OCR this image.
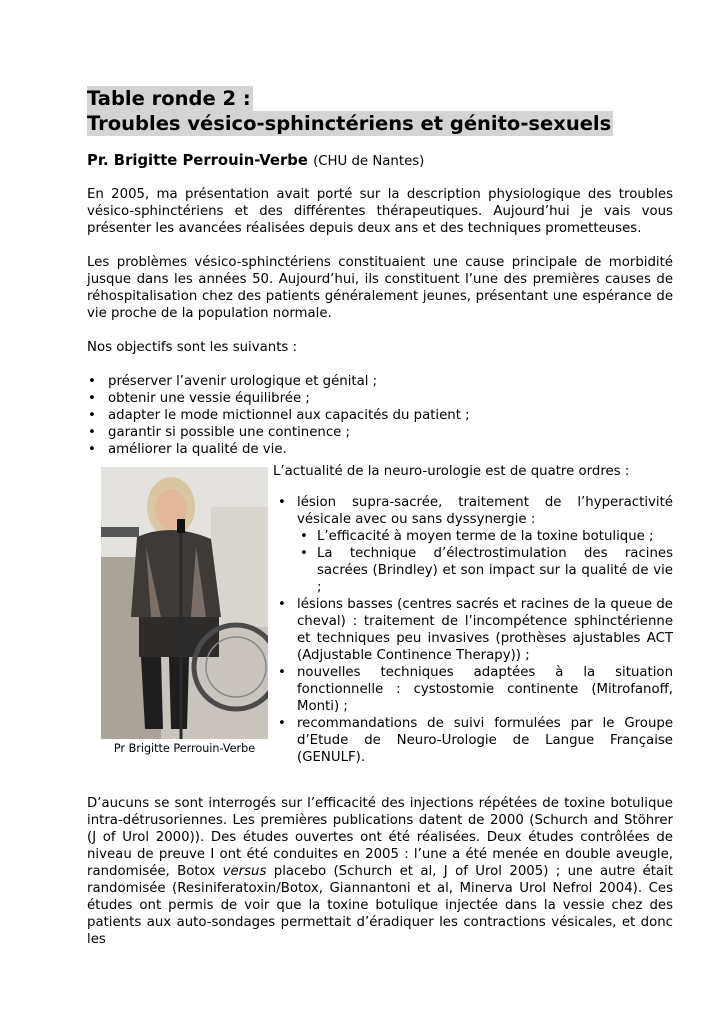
Table ronde 2 :
Troubles vésico-sphinctériens et génito-sexuels
Pr. Brigitte Perrouin-Verbe (CHU de Nantes)

En 2005, ma présentation avait porté sur la description physiologique des troubles vésico-sphinctériens et des différentes thérapeutiques. Aujourd’hui je vais vous présenter les avancées réalisées depuis deux ans et des techniques prometteuses.

Les problèmes vésico-sphinctériens constituaient une cause principale de morbidité jusque dans les années 50. Aujourd’hui, ils constituent l’une des premières causes de réhospitalisation chez des patients généralement jeunes, présentant une espérance de vie proche de la population normale.

Nos objectifs sont les suivants :

• préserver l’avenir urologique et génital ;
• obtenir une vessie équilibrée ;
• adapter le mode mictionnel aux capacités du patient ;
• garantir si possible une continence ;
• améliorer la qualité de vie.
Pr Brigitte Perrouin-Verbe

L’actualité de la neuro-urologie est de quatre ordres :

• lésion supra-sacrée, traitement de l’hyperactivité vésicale avec ou sans dyssynergie :
• L’efficacité à moyen terme de la toxine botulique ;
• La technique d’électrostimulation des racines sacrées (Brindley) et son impact sur la qualité de vie ;
• lésions basses (centres sacrés et racines de la queue de cheval) : traitement de l’incompétence sphinctérienne et techniques peu invasives (prothèses ajustables ACT (Adjustable Continence Therapy)) ;
• nouvelles techniques adaptées à la situation fonctionnelle : cystostomie continente (Mitrofanoff, Monti) ;
• recommandations de suivi formulées par le Groupe d’Etude de Neuro-Urologie de Langue Française (GENULF).

D’aucuns se sont interrogés sur l’efficacité des injections répétées de toxine botulique intra-détrusoriennes. Les premières publications datent de 2000 (Schurch and Stöhrer (J of Urol 2000)). Des études ouvertes ont été réalisées. Deux études contrôlées de niveau de preuve I ont été conduites en 2005 : l’une a été menée en double aveugle, randomisée, Botox versus placebo (Schurch et al, J of Urol 2005) ; une autre était randomisée (Resiniferatoxin/Botox, Giannantoni et al, Minerva Urol Nefrol 2004). Ces études ont permis de voir que la toxine botulique injectée dans la vessie chez des patients aux auto-sondages permettait d’éradiquer les contractions vésicales, et donc les
